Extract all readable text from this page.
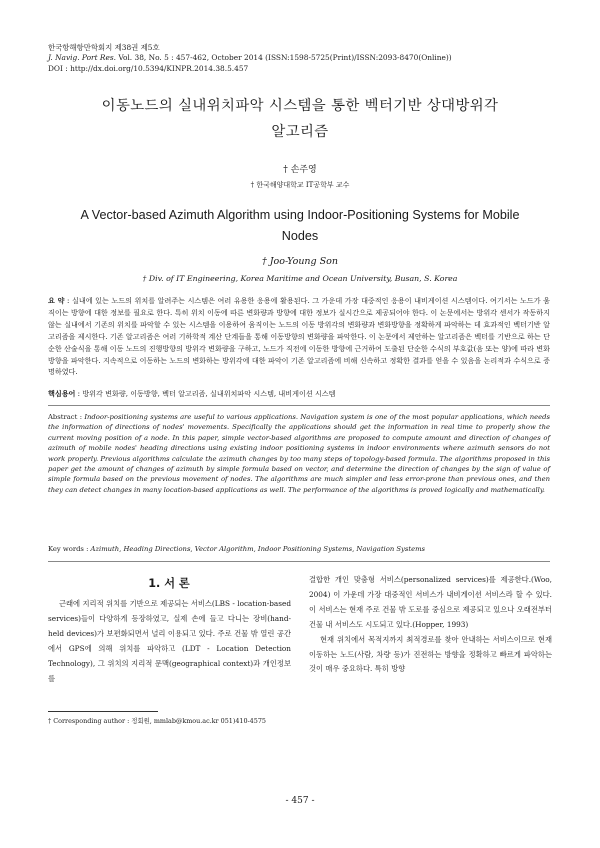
한국항해항만학회지 제38권 제5호
J. Navig. Port Res. Vol. 38, No. 5 : 457-462, October 2014 (ISSN:1598-5725(Print)/ISSN:2093-8470(Online))
DOI : http://dx.doi.org/10.5394/KINPR.2014.38.5.457
이동노드의 실내위치파악 시스템을 통한 벡터기반 상대방위각
알고리즘
† 손주영
† 한국해양대학교 IT공학부 교수
A Vector-based Azimuth Algorithm using Indoor-Positioning Systems for Mobile
Nodes
† Joo-Young Son
† Div. of IT Engineering, Korea Maritime and Ocean University, Busan, S. Korea
요 약 : 실내에 있는 노드의 위치를 알려주는 시스템은 여러 유용한 응용에 활용된다. 그 가운데 가장 대중적인 응용이 내비게이션 시스템이다. 여기서는 노드가 움직이는 방향에 대한 정보를 필요로 한다. 특히 위치 이동에 따른 변화량과 방향에 대한 정보가 실시간으로 제공되어야 한다. 이 논문에서는 방위각 센서가 작동하지 않는 실내에서 기존의 위치를 파악할 수 있는 시스템을 이용하여 움직이는 노드의 이동 방위각의 변화량과 변화방향을 정확하게 파악하는 데 효과적인 벡터기반 알고리즘을 제시한다. 기존 알고리즘은 여러 기하학적 계산 단계들을 통해 이동방향의 변화량을 파악한다. 이 논문에서 제안하는 알고리즘은 벡터를 기반으로 하는 단순한 산술식을 통해 이동 노드의 진행방향의 방위각 변화량을 구하고, 노드가 직전에 이동한 방향에 근거하여 도출된 단순한 수식의 부호값(음 또는 양)에 따라 변화방향을 파악한다. 지속적으로 이동하는 노드의 변화하는 방위각에 대한 파악이 기존 알고리즘에 비해 신속하고 정확한 결과를 얻을 수 있음을 논리적과 수식으로 증명하였다.
핵심용어 : 방위각 변화량, 이동방향, 벡터 알고리즘, 실내위치파악 시스템, 내비게이션 시스템
Abstract : Indoor-positioning systems are useful to various applications. Navigation system is one of the most popular applications, which needs the information of directions of nodes' movements. Specifically the applications should get the information in real time to properly show the current moving position of a node. In this paper, simple vector-based algorithms are proposed to compute amount and direction of changes of azimuth of mobile nodes' heading directions using existing indoor positioning systems in indoor environments where azimuth sensors do not work properly. Previous algorithms calculate the azimuth changes by too many steps of topology-based formula. The algorithms proposed in this paper get the amount of changes of azimuth by simple formula based on vector, and determine the direction of changes by the sign of value of simple formula based on the previous movement of nodes. The algorithms are much simpler and less error-prone than previous ones, and then they can detect changes in many location-based applications as well. The performance of the algorithms is proved logically and mathematically.
Key words : Azimuth, Heading Directions, Vector Algorithm, Indoor Positioning Systems, Navigation Systems
1. 서 론

근래에 지리적 위치를 기반으로 제공되는 서비스(LBS - location-based services)들이 다양하게 등장하였고, 실제 손에 들고 다니는 장비(hand-held devices)가 보편화되면서 널리 이용되고 있다. 주로 건물 밖 열린 공간에서 GPS에 의해 위치를 파악하고 (LDT - Location Detection Technology), 그 위치의 지리적 문맥(geographical context)과 개인정보를

결합한 개인 맞춤형 서비스(personalized services)를 제공한다.(Woo, 2004) 이 가운데 가장 대중적인 서비스가 내비게이션 서비스라 할 수 있다. 이 서비스는 현재 주로 건물 밖 도로를 중심으로 제공되고 있으나 오래전부터 건물 내 서비스도 시도되고 있다.(Hopper, 1993)

현재 위치에서 목적지까지 최적경로를 찾아 안내하는 서비스이므로 현재 이동하는 노드(사람, 차량 등)가 진전하는 방향을 정확하고 빠르게 파악하는 것이 매우 중요하다. 특히 방향

† Corresponding author : 정회원, mmlab@kmou.ac.kr 051)410-4575
- 457 -
